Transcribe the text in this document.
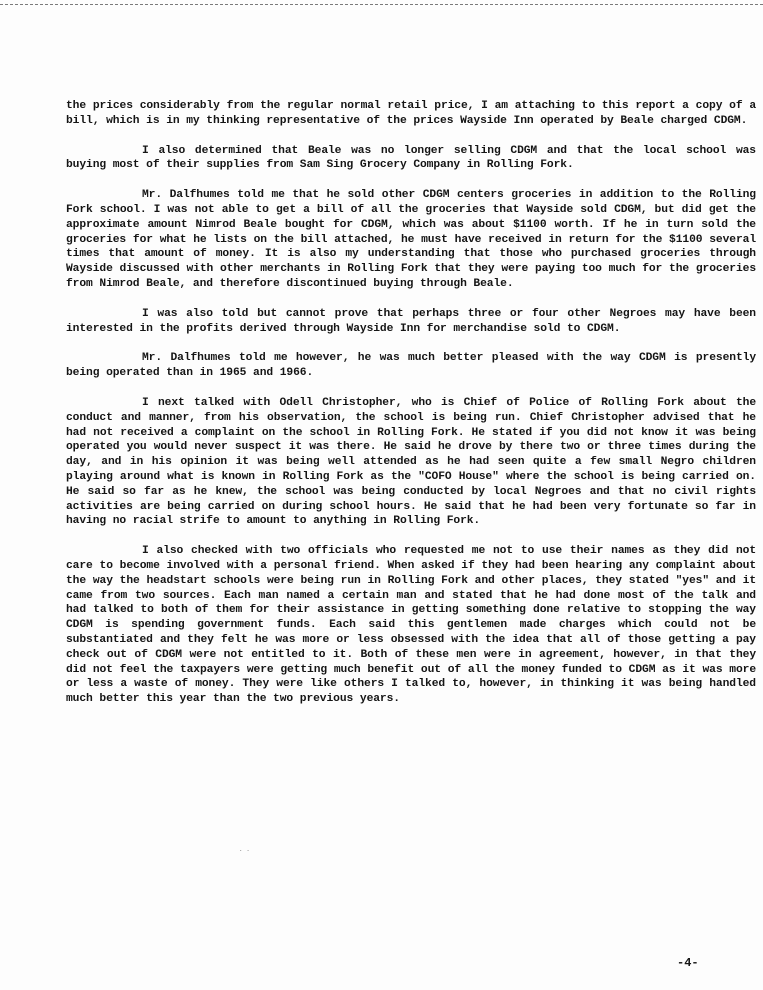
the prices considerably from the regular normal retail price, I am attaching to this report a copy of a bill, which is in my thinking representative of the prices Wayside Inn operated by Beale charged CDGM.

I also determined that Beale was no longer selling CDGM and that the local school was buying most of their supplies from Sam Sing Grocery Company in Rolling Fork.

Mr. Dalfhumes told me that he sold other CDGM centers groceries in addition to the Rolling Fork school. I was not able to get a bill of all the groceries that Wayside sold CDGM, but did get the approximate amount Nimrod Beale bought for CDGM, which was about $1100 worth. If he in turn sold the groceries for what he lists on the bill attached, he must have received in return for the $1100 several times that amount of money. It is also my understanding that those who purchased groceries through Wayside discussed with other merchants in Rolling Fork that they were paying too much for the groceries from Nimrod Beale, and therefore discontinued buying through Beale.

I was also told but cannot prove that perhaps three or four other Negroes may have been interested in the profits derived through Wayside Inn for merchandise sold to CDGM.

Mr. Dalfhumes told me however, he was much better pleased with the way CDGM is presently being operated than in 1965 and 1966.

I next talked with Odell Christopher, who is Chief of Police of Rolling Fork about the conduct and manner, from his observation, the school is being run. Chief Christopher advised that he had not received a complaint on the school in Rolling Fork. He stated if you did not know it was being operated you would never suspect it was there. He said he drove by there two or three times during the day, and in his opinion it was being well attended as he had seen quite a few small Negro children playing around what is known in Rolling Fork as the "COFO House" where the school is being carried on. He said so far as he knew, the school was being conducted by local Negroes and that no civil rights activities are being carried on during school hours. He said that he had been very fortunate so far in having no racial strife to amount to anything in Rolling Fork.

I also checked with two officials who requested me not to use their names as they did not care to become involved with a personal friend. When asked if they had been hearing any complaint about the way the headstart schools were being run in Rolling Fork and other places, they stated "yes" and it came from two sources. Each man named a certain man and stated that he had done most of the talk and had talked to both of them for their assistance in getting something done relative to stopping the way CDGM is spending government funds. Each said this gentlemen made charges which could not be substantiated and they felt he was more or less obsessed with the idea that all of those getting a pay check out of CDGM were not entitled to it. Both of these men were in agreement, however, in that they did not feel the taxpayers were getting much benefit out of all the money funded to CDGM as it was more or less a waste of money. They were like others I talked to, however, in thinking it was being handled much better this year than the two previous years.

˙˙
-4-
